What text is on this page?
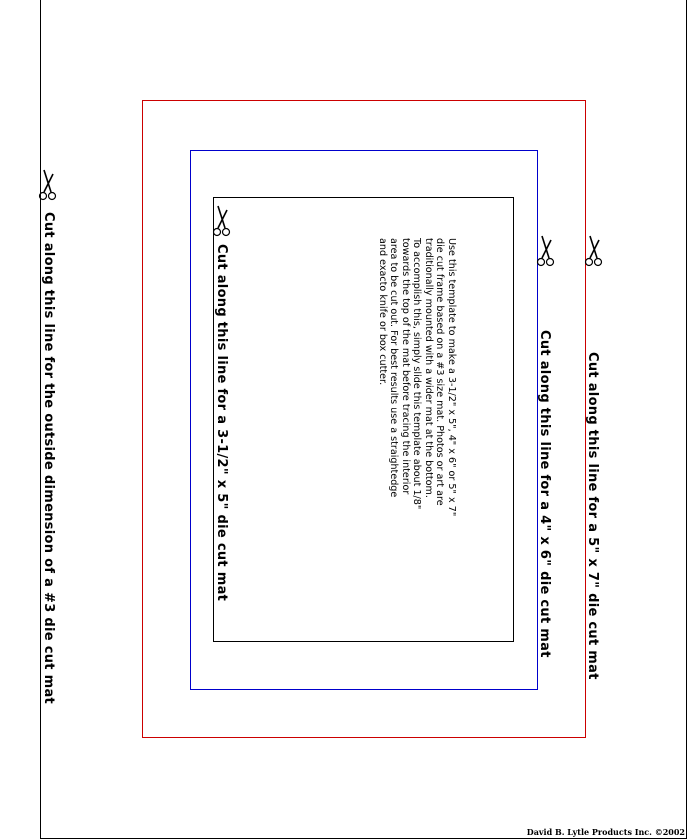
Cut along this line for the outside dimension of a #3 die cut mat	Cut along this line for a 3-1/2" x 5" die cut mat	Cut along this line for a 4" x 6" die cut mat	Cut along this line for a 5" x 7" die cut mat
Use this template to make a 3-1/2" x 5", 4" x 6" or 5" x 7"
die cut frame based on a #3 size mat. Photos or art are
traditionally mounted with a wider mat at the bottom.
To accomplish this, simply slide this template about 1/8"
towards the top of the mat before tracing the interior
area to be cut out. For best results use a straightedge
and exacto knife or box cutter.
David B. Lytle Products Inc. ©2002
